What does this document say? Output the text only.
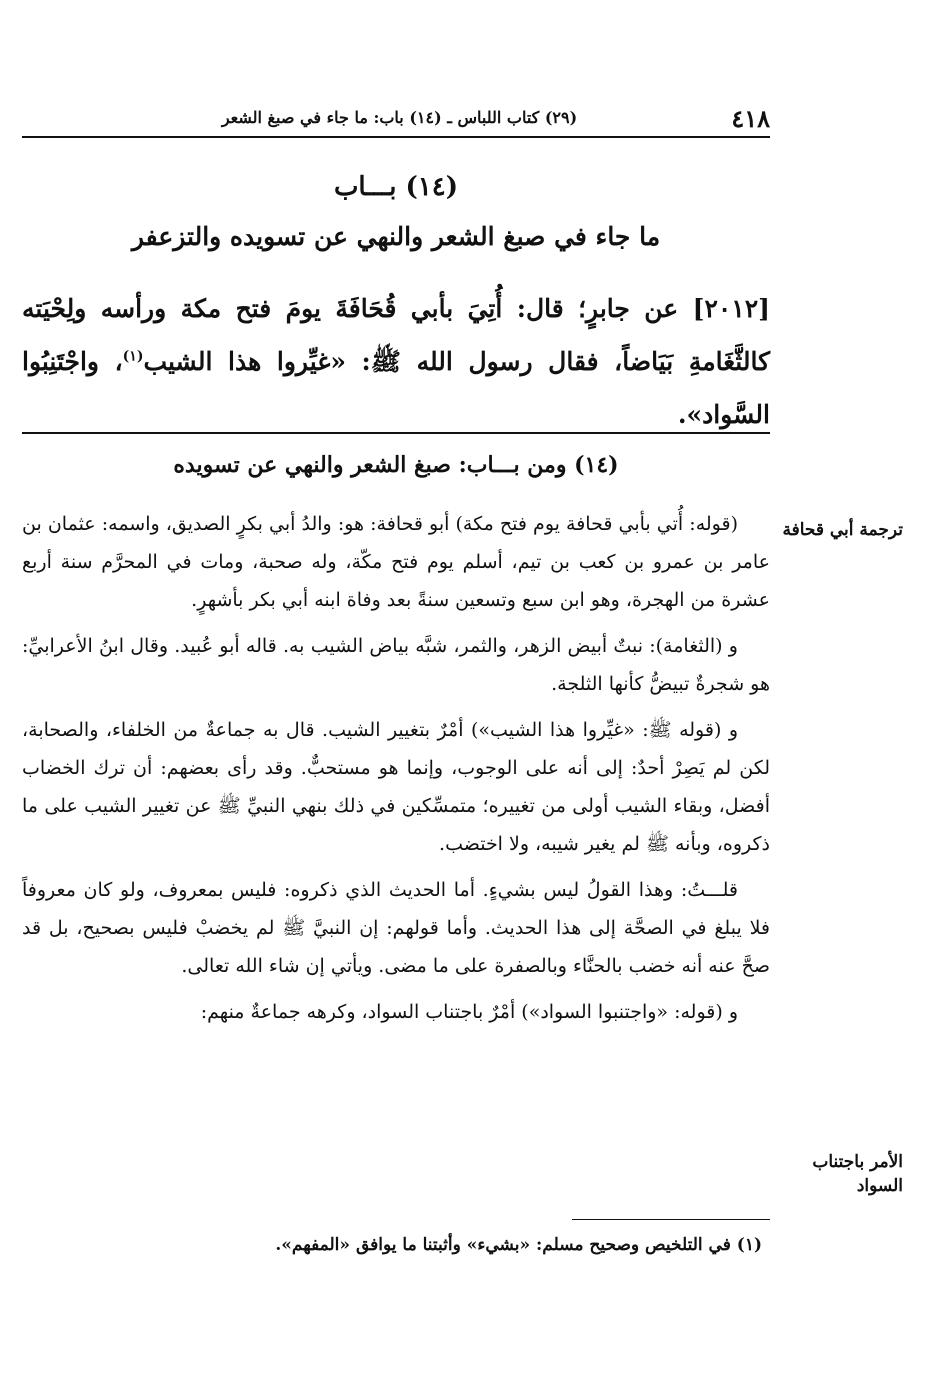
٤١٨
(٢٩) كتاب اللباس ـ (١٤) باب: ما جاء في صبغ الشعر
(١٤) بـــاب
ما جاء في صبغ الشعر والنهي عن تسويده والتزعفر
[٢٠١٢] عن جابرٍ؛ قال: أُتِيَ بأبي قُحَافَةَ يومَ فتح مكة ورأسه ولِحْيَته كالثَّغَامةِ بَيَاضاً، فقال رسول الله ﷺ: «غيِّروا هذا الشيب$^{(١)}$، واجْتَنِبُوا السَّواد».
(١٤) ومن بـــاب: صبغ الشعر والنهي عن تسويده

(قوله: أُتي بأبي قحافة يوم فتح مكة) أبو قحافة: هو: والدُ أبي بكرٍ الصديق، واسمه: عثمان بن عامر بن عمرو بن كعب بن تيم، أسلم يوم فتح مكّة، وله صحبة، ومات في المحرَّم سنة أربع عشرة من الهجرة، وهو ابن سبع وتسعين سنةً بعد وفاة ابنه أبي بكر بأشهرٍ.

و (الثغامة): نبتٌ أبيض الزهر، والثمر، شبَّه بياض الشيب به. قاله أبو عُبيد. وقال ابنُ الأعرابيِّ: هو شجرةٌ تبيضُّ كأنها الثلجة.

و (قوله ﷺ: «غيِّروا هذا الشيب») أمْرٌ بتغيير الشيب. قال به جماعةٌ من الخلفاء، والصحابة، لكن لم يَصِرْ أحدٌ: إلى أنه على الوجوب، وإنما هو مستحبٌّ. وقد رأى بعضهم: أن ترك الخضاب أفضل، وبقاء الشيب أولى من تغييره؛ متمسِّكين في ذلك بنهي النبيِّ ﷺ عن تغيير الشيب على ما ذكروه، وبأنه ﷺ لم يغير شيبه، ولا اختضب.

قلـــتُ: وهذا القولُ ليس بشيءٍ. أما الحديث الذي ذكروه: فليس بمعروف، ولو كان معروفاً فلا يبلغ في الصحَّة إلى هذا الحديث. وأما قولهم: إن النبيَّ ﷺ لم يخضبْ فليس بصحيح، بل قد صحَّ عنه أنه خضب بالحنَّاء وبالصفرة على ما مضى. ويأتي إن شاء الله تعالى.

و (قوله: «واجتنبوا السواد») أمْرٌ باجتناب السواد، وكرهه جماعةٌ منهم:

ترجمة أبي قحافة
الأمر باجتناب السواد
(١) في التلخيص وصحيح مسلم: «بشيء» وأثبتنا ما يوافق «المفهم».
